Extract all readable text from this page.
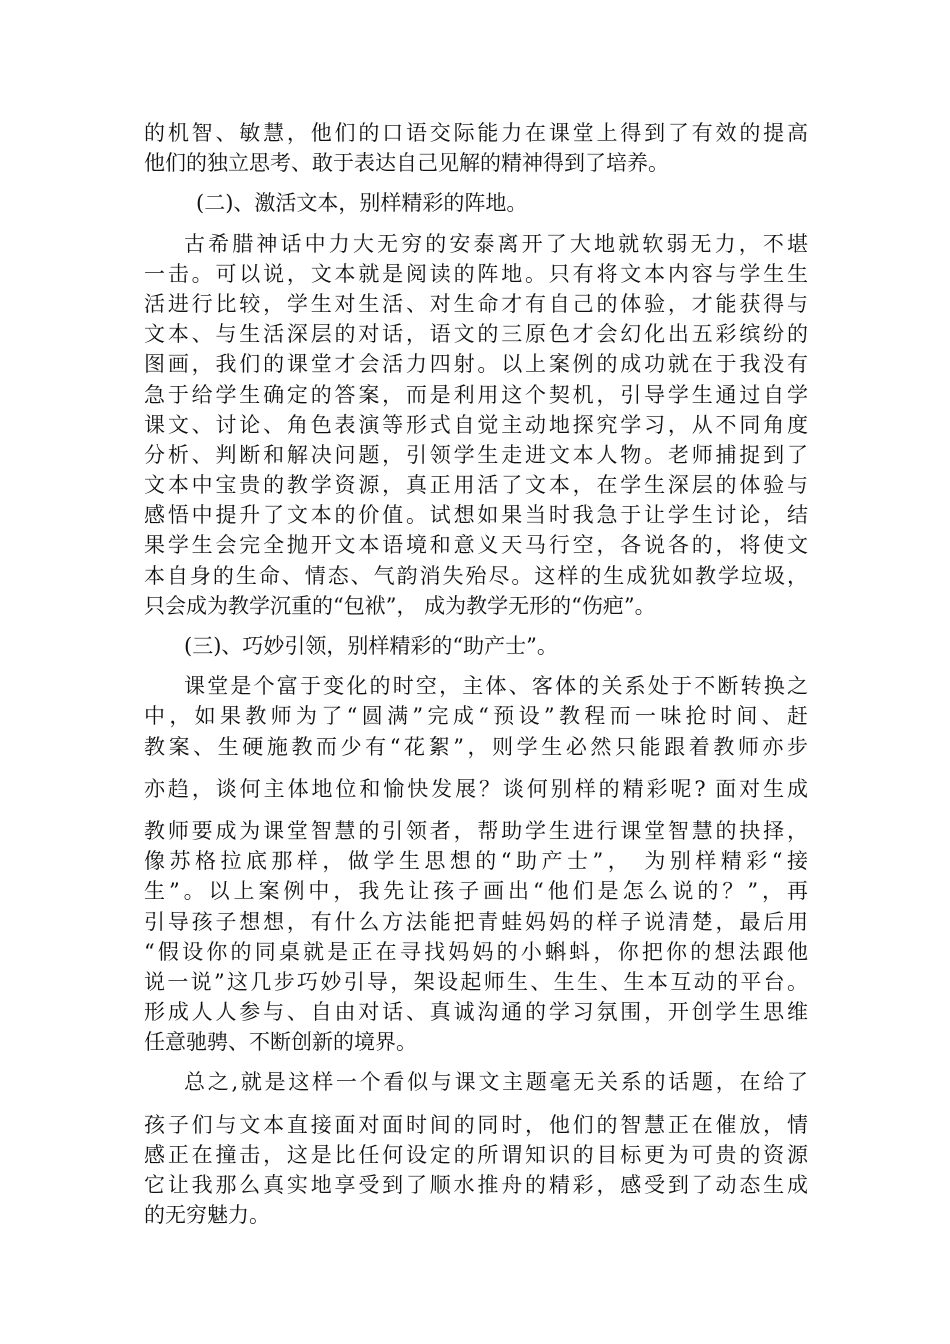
的机智、敏慧，他们的口语交际能力在课堂上得到了有效的提高
他们的独立思考、敢于表达自己见解的精神得到了培养。
(二)、激活文本，别样精彩的阵地。
古希腊神话中力大无穷的安泰离开了大地就软弱无力，不堪
一击。可以说，文本就是阅读的阵地。只有将文本内容与学生生
活进行比较，学生对生活、对生命才有自己的体验，才能获得与
文本、与生活深层的对话，语文的三原色才会幻化出五彩缤纷的
图画，我们的课堂才会活力四射。以上案例的成功就在于我没有
急于给学生确定的答案，而是利用这个契机，引导学生通过自学
课文、讨论、角色表演等形式自觉主动地探究学习，从不同角度
分析、判断和解决问题，引领学生走进文本人物。老师捕捉到了
文本中宝贵的教学资源，真正用活了文本，在学生深层的体验与
感悟中提升了文本的价值。试想如果当时我急于让学生讨论，结
果学生会完全抛开文本语境和意义天马行空，各说各的，将使文
本自身的生命、情态、气韵消失殆尽。这样的生成犹如教学垃圾，
只会成为教学沉重的“包袱”， 成为教学无形的“伤疤”。
(三)、巧妙引领，别样精彩的“助产士”。
课堂是个富于变化的时空，主体、客体的关系处于不断转换之
中，如果教师为了“圆满”完成“预设”教程而一味抢时间、赶
教案、生硬施教而少有“花絮”，则学生必然只能跟着教师亦步
亦趋，谈何主体地位和愉快发展？谈何别样的精彩呢? 面对生成
教师要成为课堂智慧的引领者，帮助学生进行课堂智慧的抉择，
像苏格拉底那样，做学生思想的“助产士”， 为别样精彩“接
生”。以上案例中，我先让孩子画出“他们是怎么说的？”，再
引导孩子想想，有什么方法能把青蛙妈妈的样子说清楚，最后用
“假设你的同桌就是正在寻找妈妈的小蝌蚪，你把你的想法跟他
说一说”这几步巧妙引导，架设起师生、生生、生本互动的平台。
形成人人参与、自由对话、真诚沟通的学习氛围，开创学生思维
任意驰骋、不断创新的境界。
总之,就是这样一个看似与课文主题毫无关系的话题，在给了
孩子们与文本直接面对面时间的同时，他们的智慧正在催放，情
感正在撞击，这是比任何设定的所谓知识的目标更为可贵的资源
它让我那么真实地享受到了顺水推舟的精彩，感受到了动态生成
的无穷魅力。
